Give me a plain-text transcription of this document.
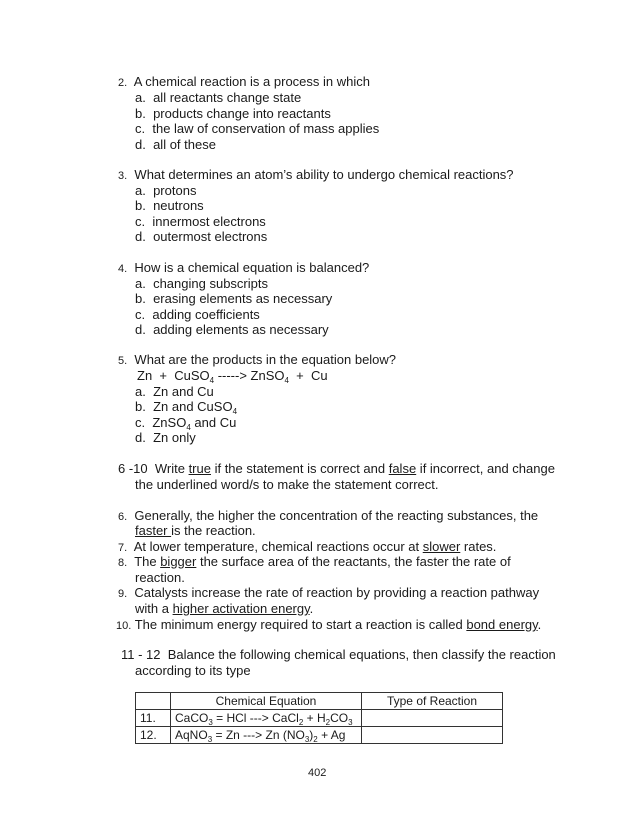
2. A chemical reaction is a process in which
a. all reactants change state
b. products change into reactants
c. the law of conservation of mass applies
d. all of these
3. What determines an atom’s ability to undergo chemical reactions?
a. protons
b. neutrons
c. innermost electrons
d. outermost electrons
4. How is a chemical equation is balanced?
a. changing subscripts
b. erasing elements as necessary
c. adding coefficients
d. adding elements as necessary
5. What are the products in the equation below?
Zn  +  CuSO$_4$ -----> ZnSO$_4$  +  Cu
a. Zn and Cu
b. Zn and CuSO$_4$
c. ZnSO$_4$ and Cu
d. Zn only
6 -10  Write true if the statement is correct and false if incorrect, and change
the underlined word/s to make the statement correct.
6. Generally, the higher the concentration of the reacting substances, the
faster is the reaction.
7. At lower temperature, chemical reactions occur at slower rates.
8. The bigger the surface area of the reactants, the faster the rate of
reaction.
9. Catalysts increase the rate of reaction by providing a reaction pathway
with a higher activation energy.
10. The minimum energy required to start a reaction is called bond energy.
11 - 12  Balance the following chemical equations, then classify the reaction
according to its type
	Chemical Equation	Type of Reaction
11.	CaCO$_3$ = HCl ---> CaCl$_2$ + $H_2CO_3$	
12.	AqNO$_3$ = Zn ---> Zn $(NO_3)_2 + Ag$	
402
